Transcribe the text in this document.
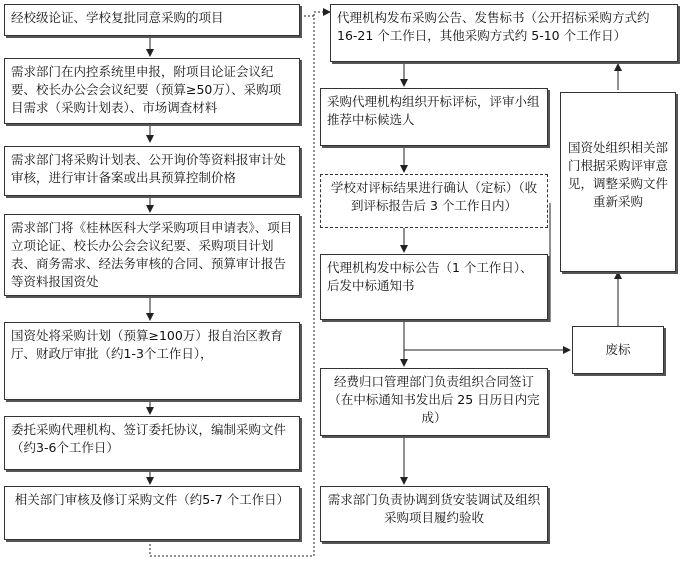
经校级论证、学校复批同意采购的项目
需求部门在内控系统里申报，附项目论证会议纪要、校长办公会会议纪要（预算≥50万）、采购项目需求（采购计划表）、市场调查材料
需求部门将采购计划表、公开询价等资料报审计处审核，进行审计备案或出具预算控制价格
需求部门将《桂林医科大学采购项目申请表》、项目立项论证、校长办公会会议纪要、采购项目计划表、商务需求、经法务审核的合同、预算审计报告等资料报国资处
国资处将采购计划（预算≥100万）报自治区教育厅、财政厅审批（约1-3个工作日），
委托采购代理机构、签订委托协议，编制采购文件（约3-6个工作日）
相关部门审核及修订采购文件（约5-7 个工作日）
代理机构发布采购公告、发售标书（公开招标采购方式约 16-21 个工作日，其他采购方式约 5-10 个工作日）
采购代理机构组织开标评标，评审小组推荐中标候选人
学校对评标结果进行确认（定标）（收到评标报告后 3 个工作日内）
代理机构发中标公告（1 个工作日）、后发中标通知书
经费归口管理部门负责组织合同签订（在中标通知书发出后 25 日历日内完成）
需求部门负责协调到货安装调试及组织采购项目履约验收
国资处组织相关部门根据采购评审意见，调整采购文件重新采购
废标
